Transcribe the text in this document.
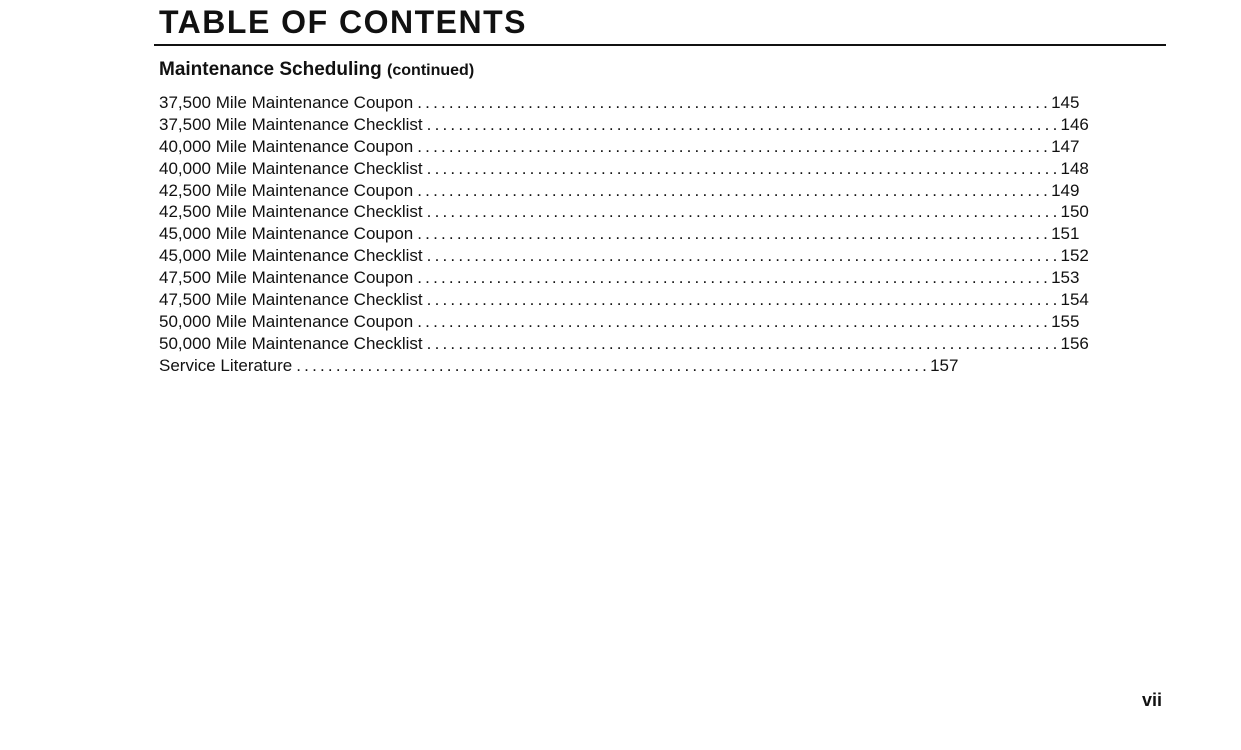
TABLE OF CONTENTS
Maintenance Scheduling (continued)
37,500 Mile Maintenance Coupon ................................................................................ 145
37,500 Mile Maintenance Checklist ................................................................................ 146
40,000 Mile Maintenance Coupon ................................................................................ 147
40,000 Mile Maintenance Checklist ................................................................................ 148
42,500 Mile Maintenance Coupon ................................................................................ 149
42,500 Mile Maintenance Checklist ................................................................................ 150
45,000 Mile Maintenance Coupon ................................................................................ 151
45,000 Mile Maintenance Checklist ................................................................................ 152
47,500 Mile Maintenance Coupon ................................................................................ 153
47,500 Mile Maintenance Checklist ................................................................................ 154
50,000 Mile Maintenance Coupon ................................................................................ 155
50,000 Mile Maintenance Checklist ................................................................................ 156
Service Literature ................................................................................ 157
vii
